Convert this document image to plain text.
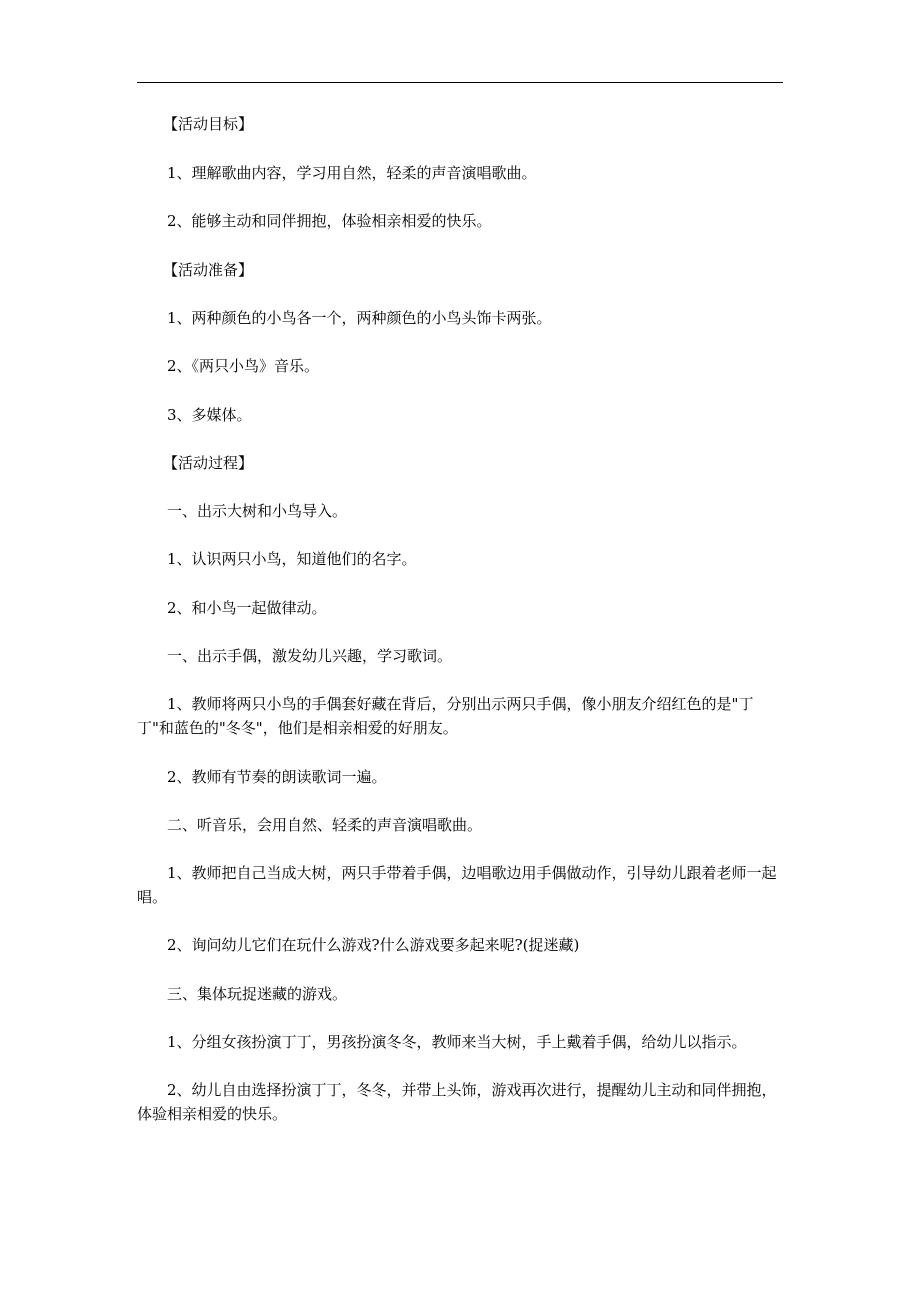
【活动目标】
1、理解歌曲内容，学习用自然，轻柔的声音演唱歌曲。
2、能够主动和同伴拥抱，体验相亲相爱的快乐。
【活动准备】
1、两种颜色的小鸟各一个，两种颜色的小鸟头饰卡两张。
2、《两只小鸟》音乐。
3、多媒体。
【活动过程】
一、出示大树和小鸟导入。
1、认识两只小鸟，知道他们的名字。
2、和小鸟一起做律动。
一、出示手偶，激发幼儿兴趣，学习歌词。
1、教师将两只小鸟的手偶套好藏在背后，分别出示两只手偶，像小朋友介绍红色的是"丁丁"和蓝色的"冬冬"，他们是相亲相爱的好朋友。
2、教师有节奏的朗读歌词一遍。
二、听音乐，会用自然、轻柔的声音演唱歌曲。
1、教师把自己当成大树，两只手带着手偶，边唱歌边用手偶做动作，引导幼儿跟着老师一起唱。
2、询问幼儿它们在玩什么游戏?什么游戏要多起来呢?(捉迷藏)
三、集体玩捉迷藏的游戏。
1、分组女孩扮演丁丁，男孩扮演冬冬，教师来当大树，手上戴着手偶，给幼儿以指示。
2、幼儿自由选择扮演丁丁，冬冬，并带上头饰，游戏再次进行，提醒幼儿主动和同伴拥抱，体验相亲相爱的快乐。
